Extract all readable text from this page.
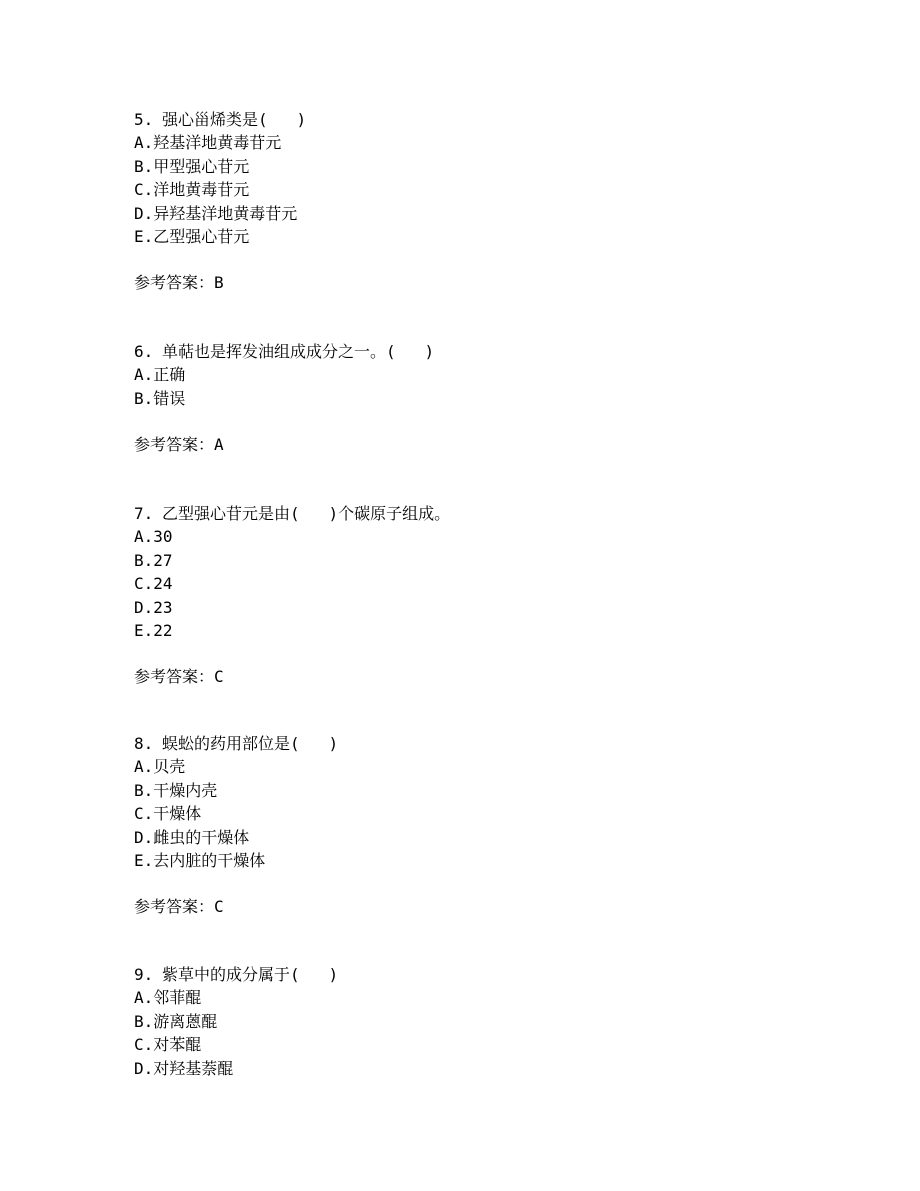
5. 强心甾烯类是(   )
A.羟基洋地黄毒苷元
B.甲型强心苷元
C.洋地黄毒苷元
D.异羟基洋地黄毒苷元
E.乙型强心苷元
参考答案：B
6. 单萜也是挥发油组成成分之一。(   )
A.正确
B.错误
参考答案：A
7. 乙型强心苷元是由(   )个碳原子组成。
A.30
B.27
C.24
D.23
E.22
参考答案：C
8. 蜈蚣的药用部位是(   )
A.贝壳
B.干燥内壳
C.干燥体
D.雌虫的干燥体
E.去内脏的干燥体
参考答案：C
9. 紫草中的成分属于(   )
A.邻菲醌
B.游离蒽醌
C.对苯醌
D.对羟基萘醌
